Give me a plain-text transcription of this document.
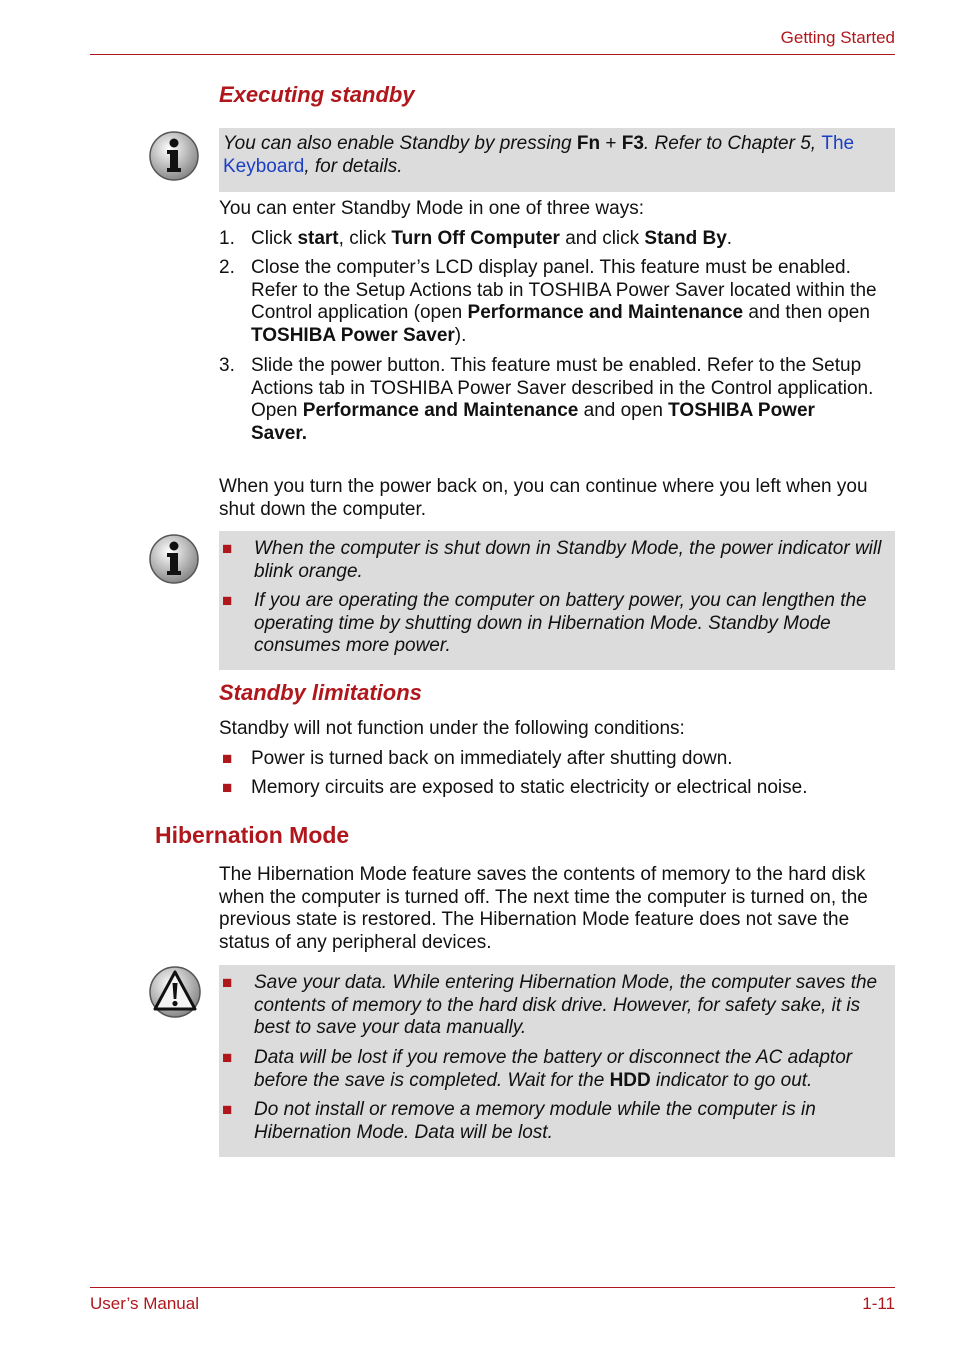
Getting Started
Executing standby
You can also enable Standby by pressing Fn + F3. Refer to Chapter 5, The Keyboard, for details.

You can enter Standby Mode in one of three ways:

1. Click start, click Turn Off Computer and click Stand By.
2. Close the computer’s LCD display panel. This feature must be enabled. Refer to the Setup Actions tab in TOSHIBA Power Saver located within the Control application (open Performance and Maintenance and then open TOSHIBA Power Saver).
3. Slide the power button. This feature must be enabled. Refer to the Setup Actions tab in TOSHIBA Power Saver described in the Control application.
Open Performance and Maintenance and open TOSHIBA Power Saver.

When you turn the power back on, you can continue where you left when you shut down the computer.

■ When the computer is shut down in Standby Mode, the power indicator will blink orange.
■ If you are operating the computer on battery power, you can lengthen the operating time by shutting down in Hibernation Mode. Standby Mode consumes more power.
Standby limitations

Standby will not function under the following conditions:

■ Power is turned back on immediately after shutting down.
■ Memory circuits are exposed to static electricity or electrical noise.
Hibernation Mode

The Hibernation Mode feature saves the contents of memory to the hard disk when the computer is turned off. The next time the computer is turned on, the previous state is restored. The Hibernation Mode feature does not save the status of any peripheral devices.

■ Save your data. While entering Hibernation Mode, the computer saves the contents of memory to the hard disk drive. However, for safety sake, it is best to save your data manually.
■ Data will be lost if you remove the battery or disconnect the AC adaptor before the save is completed. Wait for the HDD indicator to go out.
■ Do not install or remove a memory module while the computer is in Hibernation Mode. Data will be lost.
User’s Manual	1-11
